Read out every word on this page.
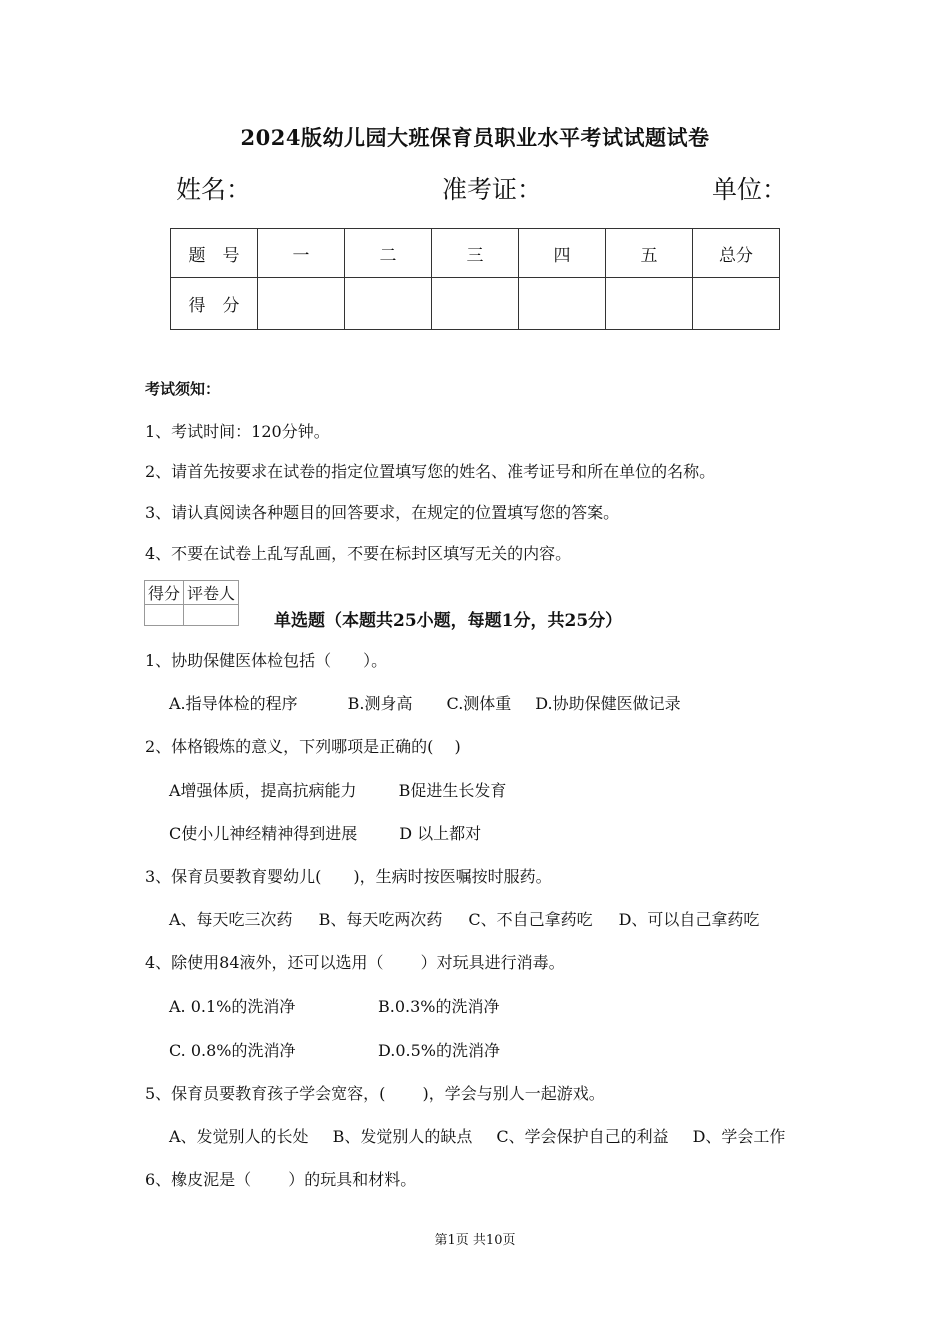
2024版幼儿园大班保育员职业水平考试试题试卷
姓名：	准考证：	单位：
题　号	一	二	三	四	五	总分
得　分						
考试须知：
1、考试时间：120分钟。
2、请首先按要求在试卷的指定位置填写您的姓名、准考证号和所在单位的名称。
3、请认真阅读各种题目的回答要求，在规定的位置填写您的答案。
4、不要在试卷上乱写乱画，不要在标封区填写无关的内容。
得分	评卷人

单选题（本题共25小题，每题1分，共25分）
1、协助保健医体检包括（　　）。
A.指导体检的程序	B.测身高 C.测体重 D.协助保健医做记录
2、体格锻炼的意义，下列哪项是正确的(　 )
A增强体质，提高抗病能力	B促进生长发育
C使小儿神经精神得到进展	D 以上都对
3、保育员要教育婴幼儿(　　)，生病时按医嘱按时服药。
A、每天吃三次药 B、每天吃两次药 C、不自己拿药吃 D、可以自己拿药吃
4、除使用84液外，还可以选用（　　 ）对玩具进行消毒。
A. 0.1%的洗消净	B.0.3%的洗消净
C. 0.8%的洗消净	D.0.5%的洗消净
5、保育员要教育孩子学会宽容，(　　 )，学会与别人一起游戏。
A、发觉别人的长处 B、发觉别人的缺点 C、学会保护自己的利益 D、学会工作
6、橡皮泥是（　　 ）的玩具和材料。
第1页 共10页
